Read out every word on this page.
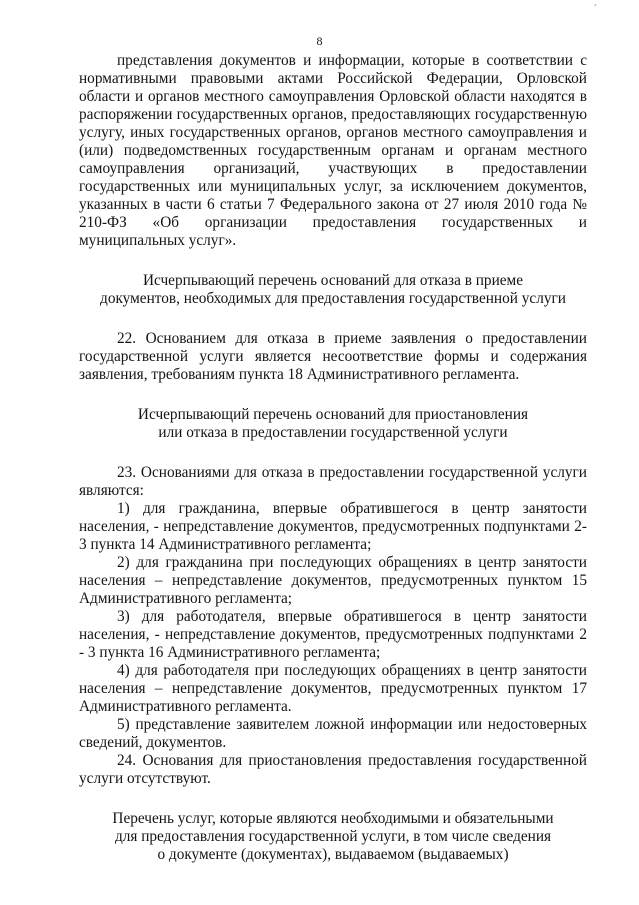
´
8

представления документов и информации, которые в соответствии с нормативными правовыми актами Российской Федерации, Орловской области и органов местного самоуправления Орловской области находятся в распоряжении государственных органов, предоставляющих государственную услугу, иных государственных органов, органов местного самоуправления и (или) подведомственных государственным органам и органам местного самоуправления организаций, участвующих в предоставлении государственных или муниципальных услуг, за исключением документов, указанных в части 6 статьи 7 Федерального закона от 27 июля 2010 года № 210-ФЗ «Об организации предоставления государственных и муниципальных услуг».

Исчерпывающий перечень оснований для отказа в приеме
документов, необходимых для предоставления государственной услуги

22. Основанием для отказа в приеме заявления о предоставлении государственной услуги является несоответствие формы и содержания заявления, требованиям пункта 18 Административного регламента.

Исчерпывающий перечень оснований для приостановления
или отказа в предоставлении государственной услуги

23. Основаниями для отказа в предоставлении государственной услуги являются:

1) для гражданина, впервые обратившегося в центр занятости населения, - непредставление документов, предусмотренных подпунктами 2-3 пункта 14 Административного регламента;

2) для гражданина при последующих обращениях в центр занятости населения – непредставление документов, предусмотренных пунктом 15 Административного регламента;

3) для работодателя, впервые обратившегося в центр занятости населения, - непредставление документов, предусмотренных подпунктами 2 - 3 пункта 16 Административного регламента;

4) для работодателя при последующих обращениях в центр занятости населения – непредставление документов, предусмотренных пунктом 17 Административного регламента.

5) представление заявителем ложной информации или недостоверных сведений, документов.

24. Основания для приостановления предоставления государственной услуги отсутствуют.

Перечень услуг, которые являются необходимыми и обязательными
для предоставления государственной услуги, в том числе сведения
о документе (документах), выдаваемом (выдаваемых)
